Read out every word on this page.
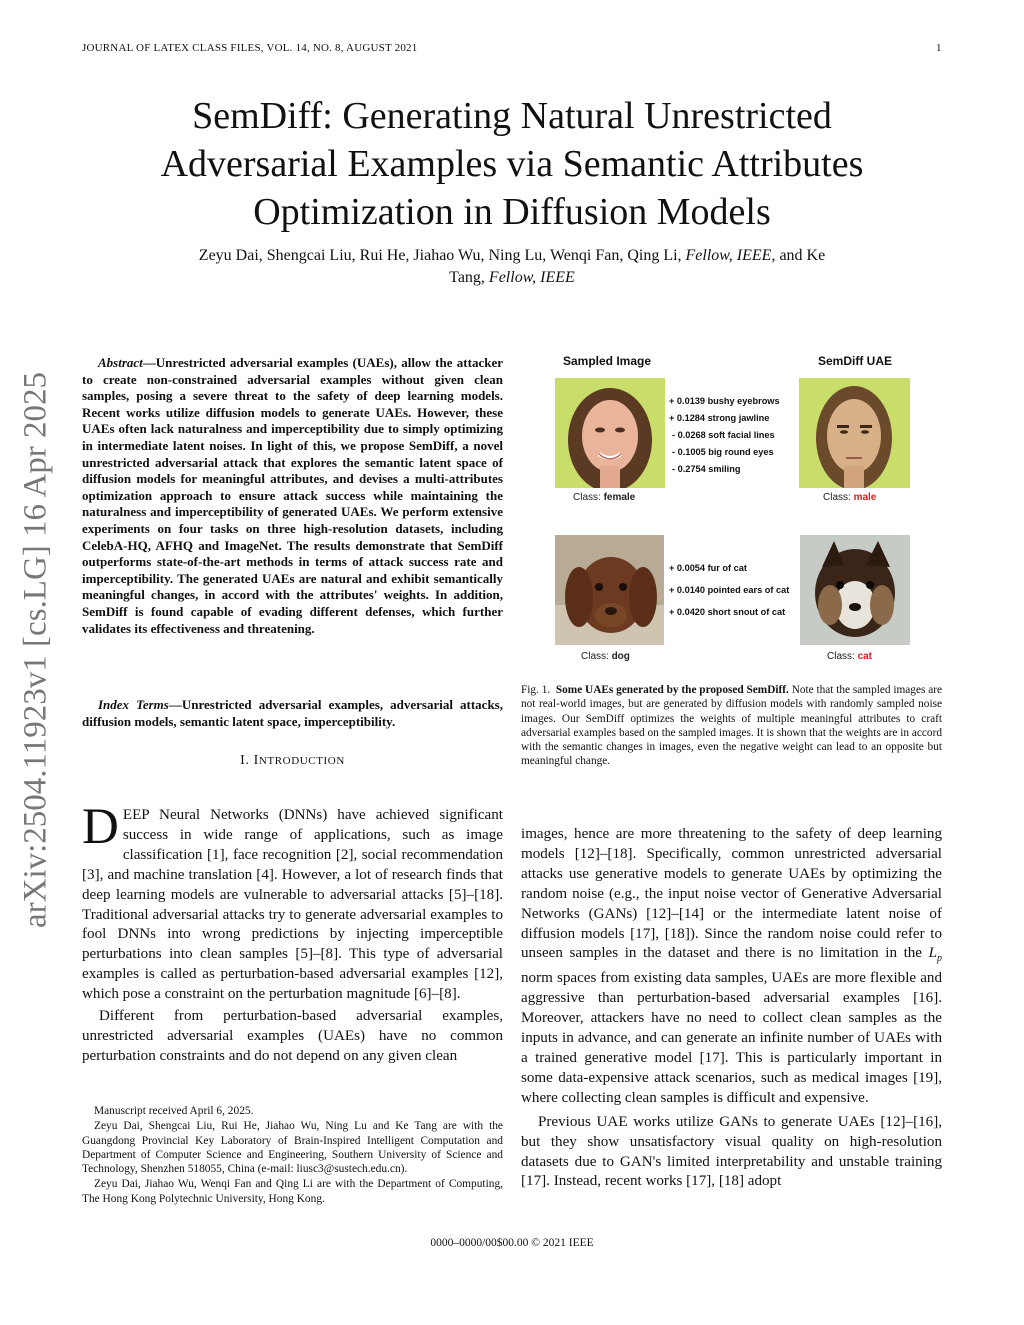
JOURNAL OF LATEX CLASS FILES, VOL. 14, NO. 8, AUGUST 2021	1
SemDiff: Generating Natural Unrestricted
Adversarial Examples via Semantic Attributes
Optimization in Diffusion Models
Zeyu Dai, Shengcai Liu, Rui He, Jiahao Wu, Ning Lu, Wenqi Fan, Qing Li, Fellow, IEEE, and Ke
Tang, Fellow, IEEE
arXiv:2504.11923v1 [cs.LG] 16 Apr 2025
Abstract—Unrestricted adversarial examples (UAEs), allow the attacker to create non-constrained adversarial examples without given clean samples, posing a severe threat to the safety of deep learning models. Recent works utilize diffusion models to generate UAEs. However, these UAEs often lack naturalness and imperceptibility due to simply optimizing in intermediate latent noises. In light of this, we propose SemDiff, a novel unrestricted adversarial attack that explores the semantic latent space of diffusion models for meaningful attributes, and devises a multi-attributes optimization approach to ensure attack success while maintaining the naturalness and imperceptibility of generated UAEs. We perform extensive experiments on four tasks on three high-resolution datasets, including CelebA-HQ, AFHQ and ImageNet. The results demonstrate that SemDiff outperforms state-of-the-art methods in terms of attack success rate and imperceptibility. The generated UAEs are natural and exhibit semantically meaningful changes, in accord with the attributes' weights. In addition, SemDiff is found capable of evading different defenses, which further validates its effectiveness and threatening.
Index Terms—Unrestricted adversarial examples, adversarial attacks, diffusion models, semantic latent space, imperceptibility.
I. INTRODUCTION

DEEP Neural Networks (DNNs) have achieved significant success in wide range of applications, such as image classification [1], face recognition [2], social recommendation [3], and machine translation [4]. However, a lot of research finds that deep learning models are vulnerable to adversarial attacks [5]–[18]. Traditional adversarial attacks try to generate adversarial examples to fool DNNs into wrong predictions by injecting imperceptible perturbations into clean samples [5]–[8]. This type of adversarial examples is called as perturbation-based adversarial examples [12], which pose a constraint on the perturbation magnitude [6]–[8].

Different from perturbation-based adversarial examples, unrestricted adversarial examples (UAEs) have no common perturbation constraints and do not depend on any given clean

Manuscript received April 6, 2025.

Zeyu Dai, Shengcai Liu, Rui He, Jiahao Wu, Ning Lu and Ke Tang are with the Guangdong Provincial Key Laboratory of Brain-Inspired Intelligent Computation and Department of Computer Science and Engineering, Southern University of Science and Technology, Shenzhen 518055, China (e-mail: liusc3@sustech.edu.cn).

Zeyu Dai, Jiahao Wu, Wenqi Fan and Qing Li are with the Department of Computing, The Hong Kong Polytechnic University, Hong Kong.

Sampled Image	SemDiff UAE
Class: female
+ 0.0139 bushy eyebrows
+ 0.1284 strong jawline
- 0.0268 soft facial lines
- 0.1005 big round eyes
- 0.2754 smiling
Class: male
Class: dog
+ 0.0054 fur of cat
+ 0.0140 pointed ears of cat
+ 0.0420 short snout of cat
Class: cat
Fig. 1. Some UAEs generated by the proposed SemDiff. Note that the sampled images are not real-world images, but are generated by diffusion models with randomly sampled noise images. Our SemDiff optimizes the weights of multiple meaningful attributes to craft adversarial examples based on the sampled images. It is shown that the weights are in accord with the semantic changes in images, even the negative weight can lead to an opposite but meaningful change.

images, hence are more threatening to the safety of deep learning models [12]–[18]. Specifically, common unrestricted adversarial attacks use generative models to generate UAEs by optimizing the random noise (e.g., the input noise vector of Generative Adversarial Networks (GANs) [12]–[14] or the intermediate latent noise of diffusion models [17], [18]). Since the random noise could refer to unseen samples in the dataset and there is no limitation in the $L_p$ norm spaces from existing data samples, UAEs are more flexible and aggressive than perturbation-based adversarial examples [16]. Moreover, attackers have no need to collect clean samples as the inputs in advance, and can generate an infinite number of UAEs with a trained generative model [17]. This is particularly important in some data-expensive attack scenarios, such as medical images [19], where collecting clean samples is difficult and expensive.

Previous UAE works utilize GANs to generate UAEs [12]–[16], but they show unsatisfactory visual quality on high-resolution datasets due to GAN's limited interpretability and unstable training [17]. Instead, recent works [17], [18] adopt

0000–0000/00$00.00 © 2021 IEEE
